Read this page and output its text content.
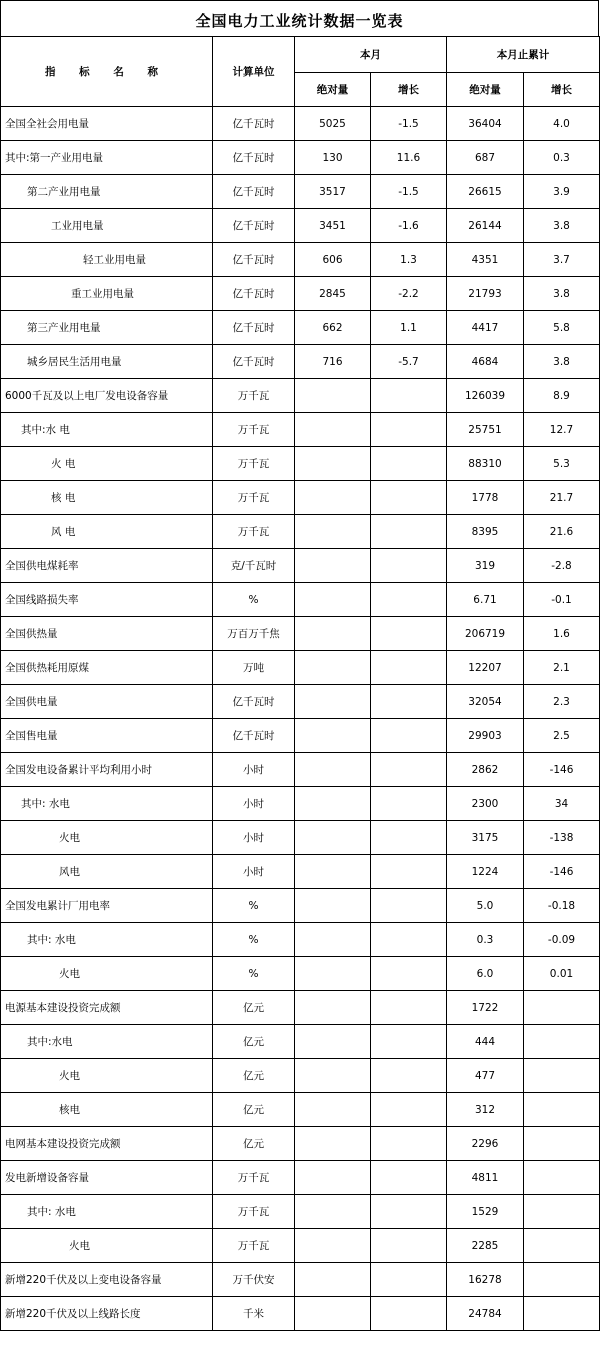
全国电力工业统计数据一览表
指 标 名 称	计算单位	本月		本月止累计	
		绝对量	增长	绝对量	增长
全国全社会用电量	亿千瓦时	5025	-1.5	36404	4.0
其中:第一产业用电量	亿千瓦时	130	11.6	687	0.3
第二产业用电量	亿千瓦时	3517	-1.5	26615	3.9
工业用电量	亿千瓦时	3451	-1.6	26144	3.8
轻工业用电量	亿千瓦时	606	1.3	4351	3.7
重工业用电量	亿千瓦时	2845	-2.2	21793	3.8
第三产业用电量	亿千瓦时	662	1.1	4417	5.8
城乡居民生活用电量	亿千瓦时	716	-5.7	4684	3.8
6000千瓦及以上电厂发电设备容量	万千瓦			126039	8.9
其中:水 电	万千瓦			25751	12.7
火 电	万千瓦			88310	5.3
核 电	万千瓦			1778	21.7
风 电	万千瓦			8395	21.6
全国供电煤耗率	克/千瓦时			319	-2.8
全国线路损失率	%			6.71	-0.1
全国供热量	万百万千焦			206719	1.6
全国供热耗用原煤	万吨			12207	2.1
全国供电量	亿千瓦时			32054	2.3
全国售电量	亿千瓦时			29903	2.5
全国发电设备累计平均利用小时	小时			2862	-146
其中: 水电	小时			2300	34
火电	小时			3175	-138
风电	小时			1224	-146
全国发电累计厂用电率	%			5.0	-0.18
其中: 水电	%			0.3	-0.09
火电	%			6.0	0.01
电源基本建设投资完成额	亿元			1722	
其中:水电	亿元			444	
火电	亿元			477	
核电	亿元			312	
电网基本建设投资完成额	亿元			2296	
发电新增设备容量	万千瓦			4811	
其中: 水电	万千瓦			1529	
火电	万千瓦			2285	
新增220千伏及以上变电设备容量	万千伏安			16278	
新增220千伏及以上线路长度	千米			24784	
